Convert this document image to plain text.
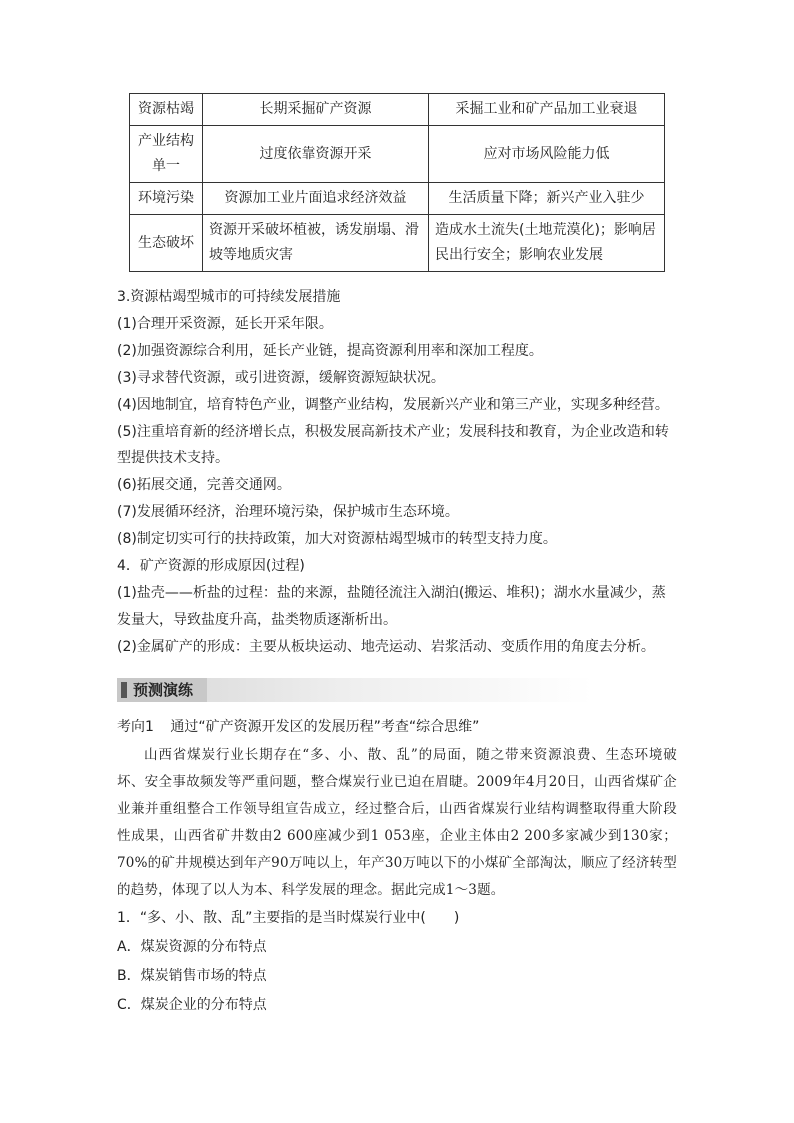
资源枯竭	长期采掘矿产资源	采掘工业和矿产品加工业衰退
产业结构单一	过度依靠资源开采	应对市场风险能力低
环境污染	资源加工业片面追求经济效益	生活质量下降；新兴产业入驻少
生态破坏	资源开采破坏植被，诱发崩塌、滑坡等地质灾害	造成水土流失(土地荒漠化)；影响居民出行安全；影响农业发展

3.资源枯竭型城市的可持续发展措施

(1)合理开采资源，延长开采年限。

(2)加强资源综合利用，延长产业链，提高资源利用率和深加工程度。

(3)寻求替代资源，或引进资源，缓解资源短缺状况。

(4)因地制宜，培育特色产业，调整产业结构，发展新兴产业和第三产业，实现多种经营。

(5)注重培育新的经济增长点，积极发展高新技术产业；发展科技和教育，为企业改造和转型提供技术支持。

(6)拓展交通，完善交通网。

(7)发展循环经济，治理环境污染，保护城市生态环境。

(8)制定切实可行的扶持政策，加大对资源枯竭型城市的转型支持力度。

4．矿产资源的形成原因(过程)

(1)盐壳——析盐的过程：盐的来源，盐随径流注入湖泊(搬运、堆积)；湖水水量减少，蒸发量大，导致盐度升高，盐类物质逐渐析出。

(2)金属矿产的形成：主要从板块运动、地壳运动、岩浆活动、变质作用的角度去分析。

预测演练
考向1 通过“矿产资源开发区的发展历程”考查“综合思维”

山西省煤炭行业长期存在“多、小、散、乱”的局面，随之带来资源浪费、生态环境破坏、安全事故频发等严重问题，整合煤炭行业已迫在眉睫。2009年4月20日，山西省煤矿企业兼并重组整合工作领导组宣告成立，经过整合后，山西省煤炭行业结构调整取得重大阶段性成果，山西省矿井数由2 600座减少到1 053座，企业主体由2 200多家减少到130家；70%的矿井规模达到年产90万吨以上，年产30万吨以下的小煤矿全部淘汰，顺应了经济转型的趋势，体现了以人为本、科学发展的理念。据此完成1～3题。

1．“多、小、散、乱”主要指的是当时煤炭行业中(　　)

A．煤炭资源的分布特点

B．煤炭销售市场的特点

C．煤炭企业的分布特点
